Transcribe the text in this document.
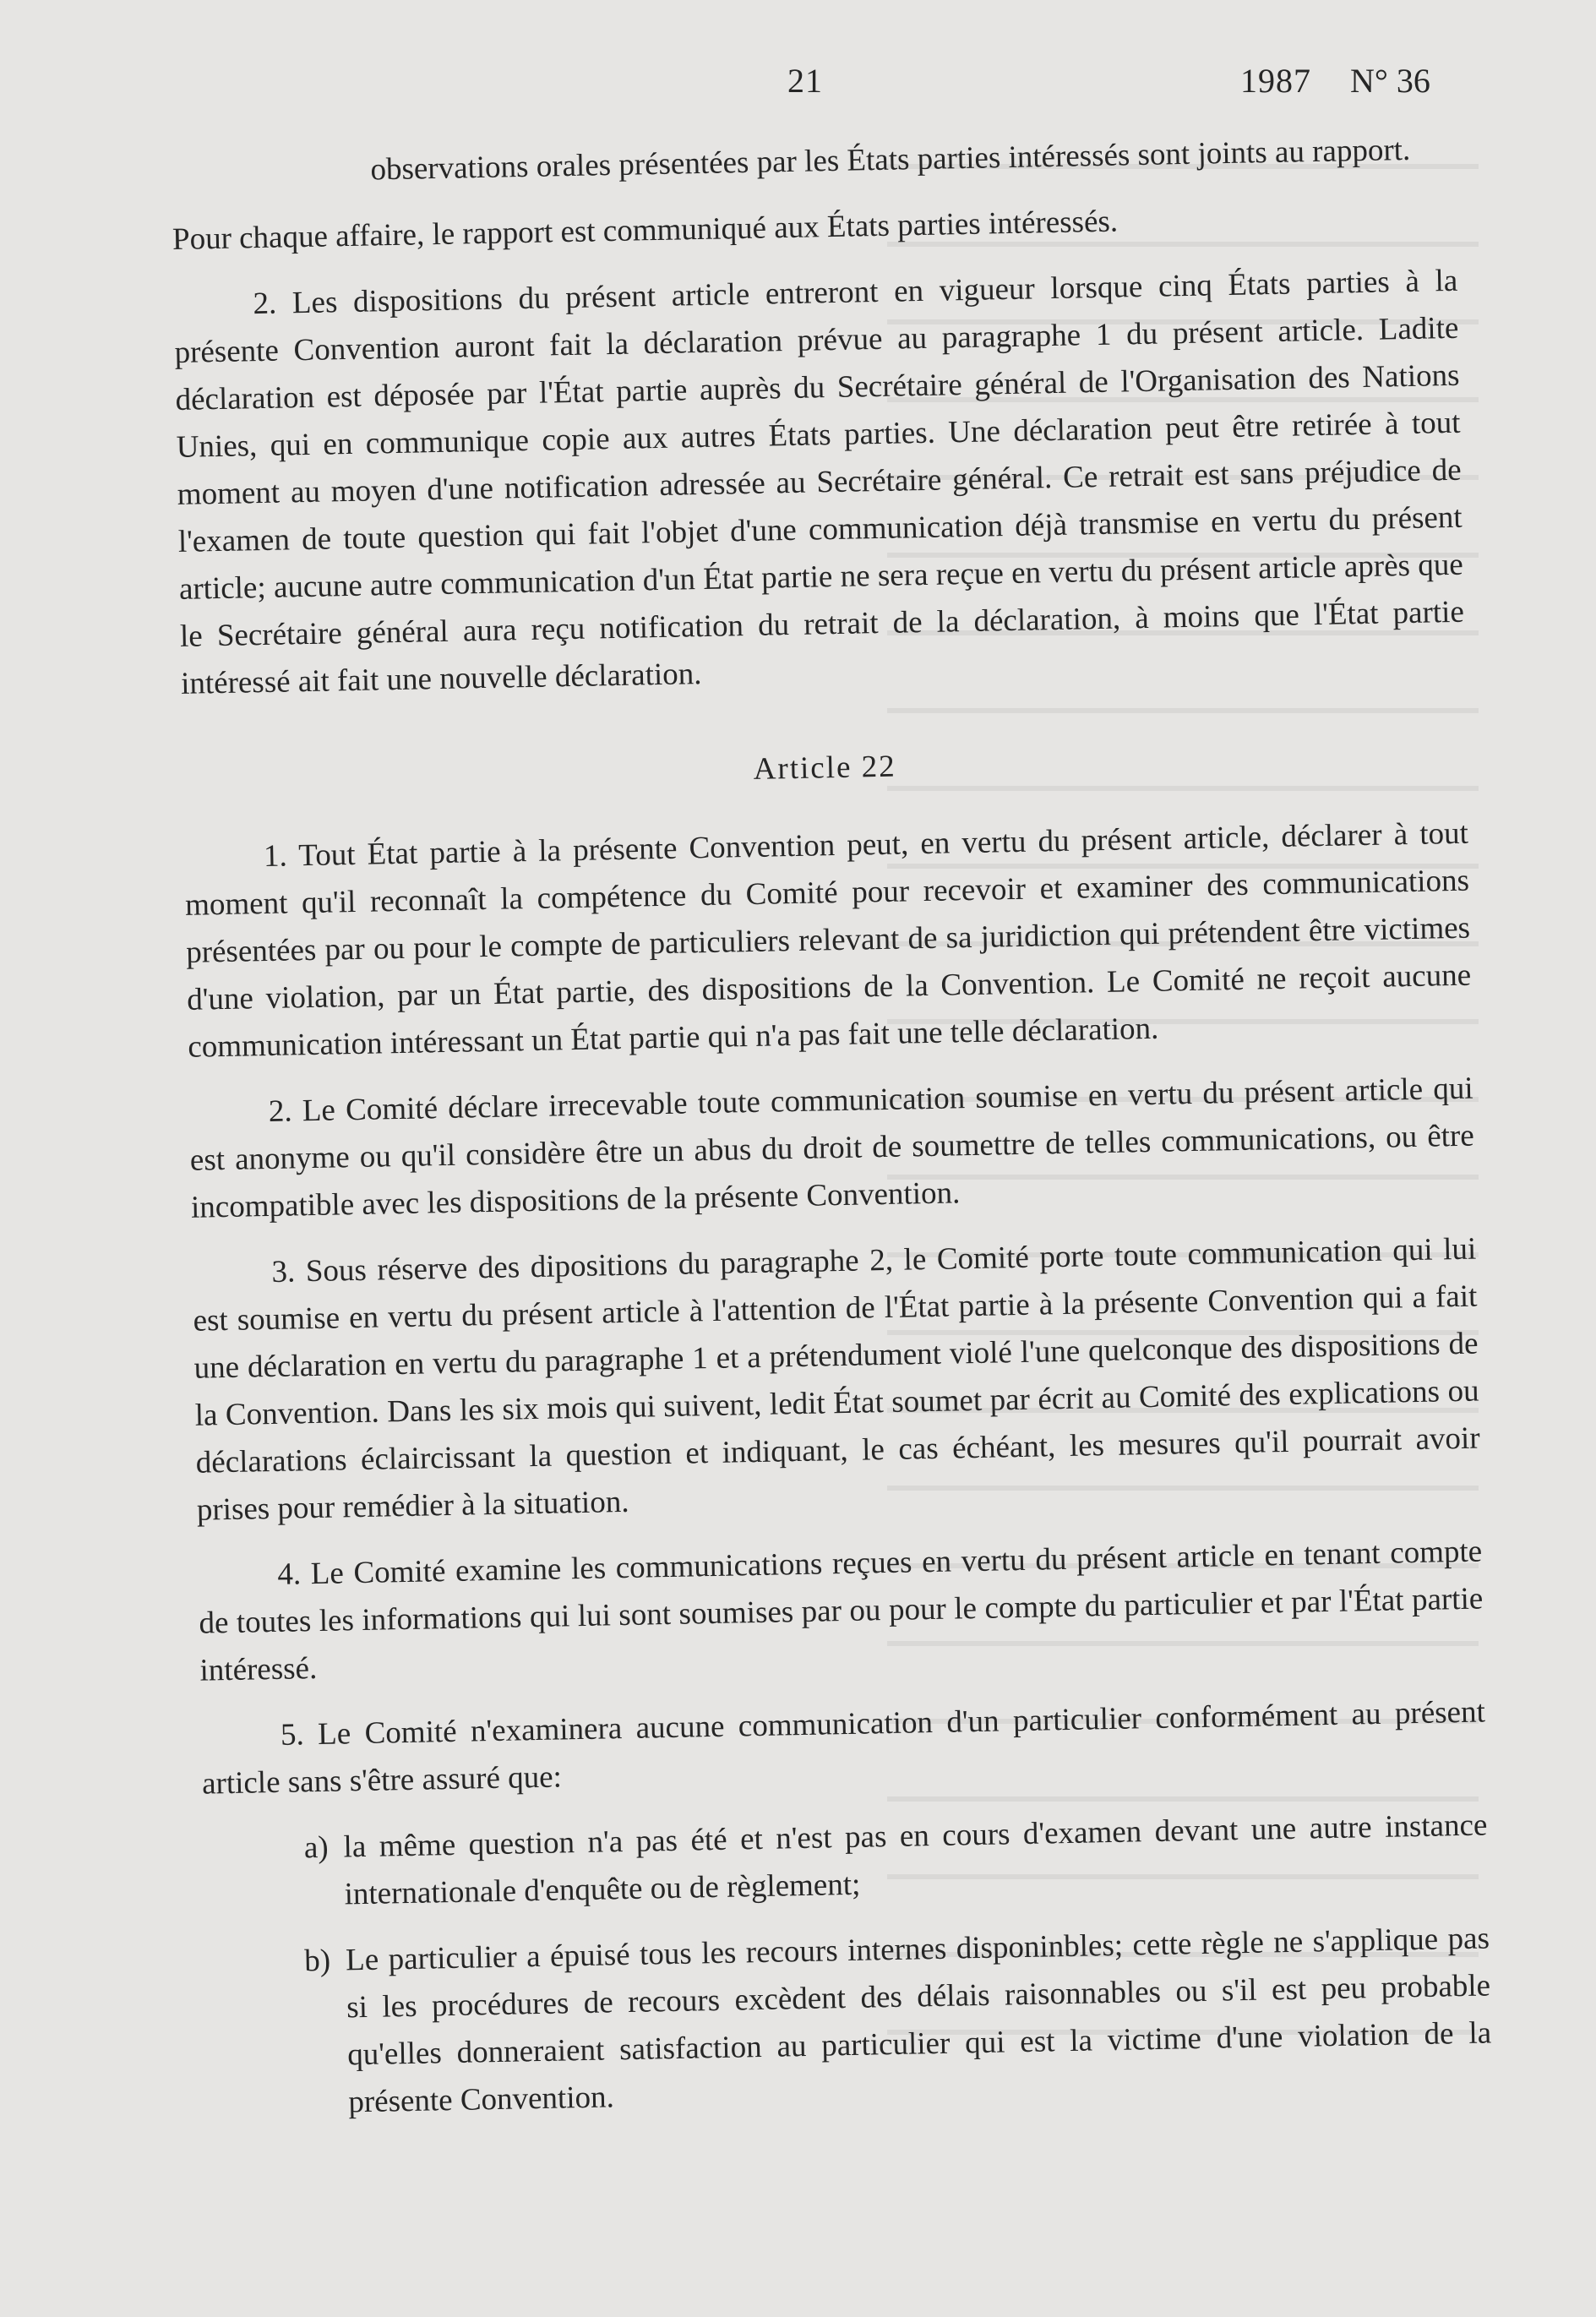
21	1987 N° 36

observations orales présentées par les États parties intéressés sont joints au rapport.

Pour chaque affaire, le rapport est communiqué aux États parties intéressés.

2. Les dispositions du présent article entreront en vigueur lorsque cinq États parties à la présente Convention auront fait la déclaration prévue au paragraphe 1 du présent article. Ladite déclaration est déposée par l'État partie auprès du Secrétaire général de l'Organisation des Nations Unies, qui en communique copie aux autres États parties. Une déclaration peut être retirée à tout moment au moyen d'une notification adressée au Secrétaire général. Ce retrait est sans préjudice de l'examen de toute question qui fait l'objet d'une communication déjà transmise en vertu du présent article; aucune autre communication d'un État partie ne sera reçue en vertu du présent article après que le Secrétaire général aura reçu notification du retrait de la déclaration, à moins que l'État partie intéressé ait fait une nouvelle déclaration.

Article 22

1. Tout État partie à la présente Convention peut, en vertu du présent article, déclarer à tout moment qu'il reconnaît la compétence du Comité pour recevoir et examiner des communications présentées par ou pour le compte de particuliers relevant de sa juridiction qui prétendent être victimes d'une violation, par un État partie, des dispositions de la Convention. Le Comité ne reçoit aucune communication intéressant un État partie qui n'a pas fait une telle déclaration.

2. Le Comité déclare irrecevable toute communication soumise en vertu du présent article qui est anonyme ou qu'il considère être un abus du droit de soumettre de telles communications, ou être incompatible avec les dispositions de la présente Convention.

3. Sous réserve des dipositions du paragraphe 2, le Comité porte toute communication qui lui est soumise en vertu du présent article à l'attention de l'État partie à la présente Convention qui a fait une déclaration en vertu du paragraphe 1 et a prétendument violé l'une quelconque des dispositions de la Convention. Dans les six mois qui suivent, ledit État soumet par écrit au Comité des explications ou déclarations éclaircissant la question et indiquant, le cas échéant, les mesures qu'il pourrait avoir prises pour remédier à la situation.

4. Le Comité examine les communications reçues en vertu du présent article en tenant compte de toutes les informations qui lui sont soumises par ou pour le compte du particulier et par l'État partie intéressé.

5. Le Comité n'examinera aucune communication d'un particulier conformément au présent article sans s'être assuré que:

a) la même question n'a pas été et n'est pas en cours d'examen devant une autre instance internationale d'enquête ou de règlement;
b) Le particulier a épuisé tous les recours internes disponinbles; cette règle ne s'applique pas si les procédures de recours excèdent des délais raisonnables ou s'il est peu probable qu'elles donneraient satisfaction au particulier qui est la victime d'une violation de la présente Convention.
